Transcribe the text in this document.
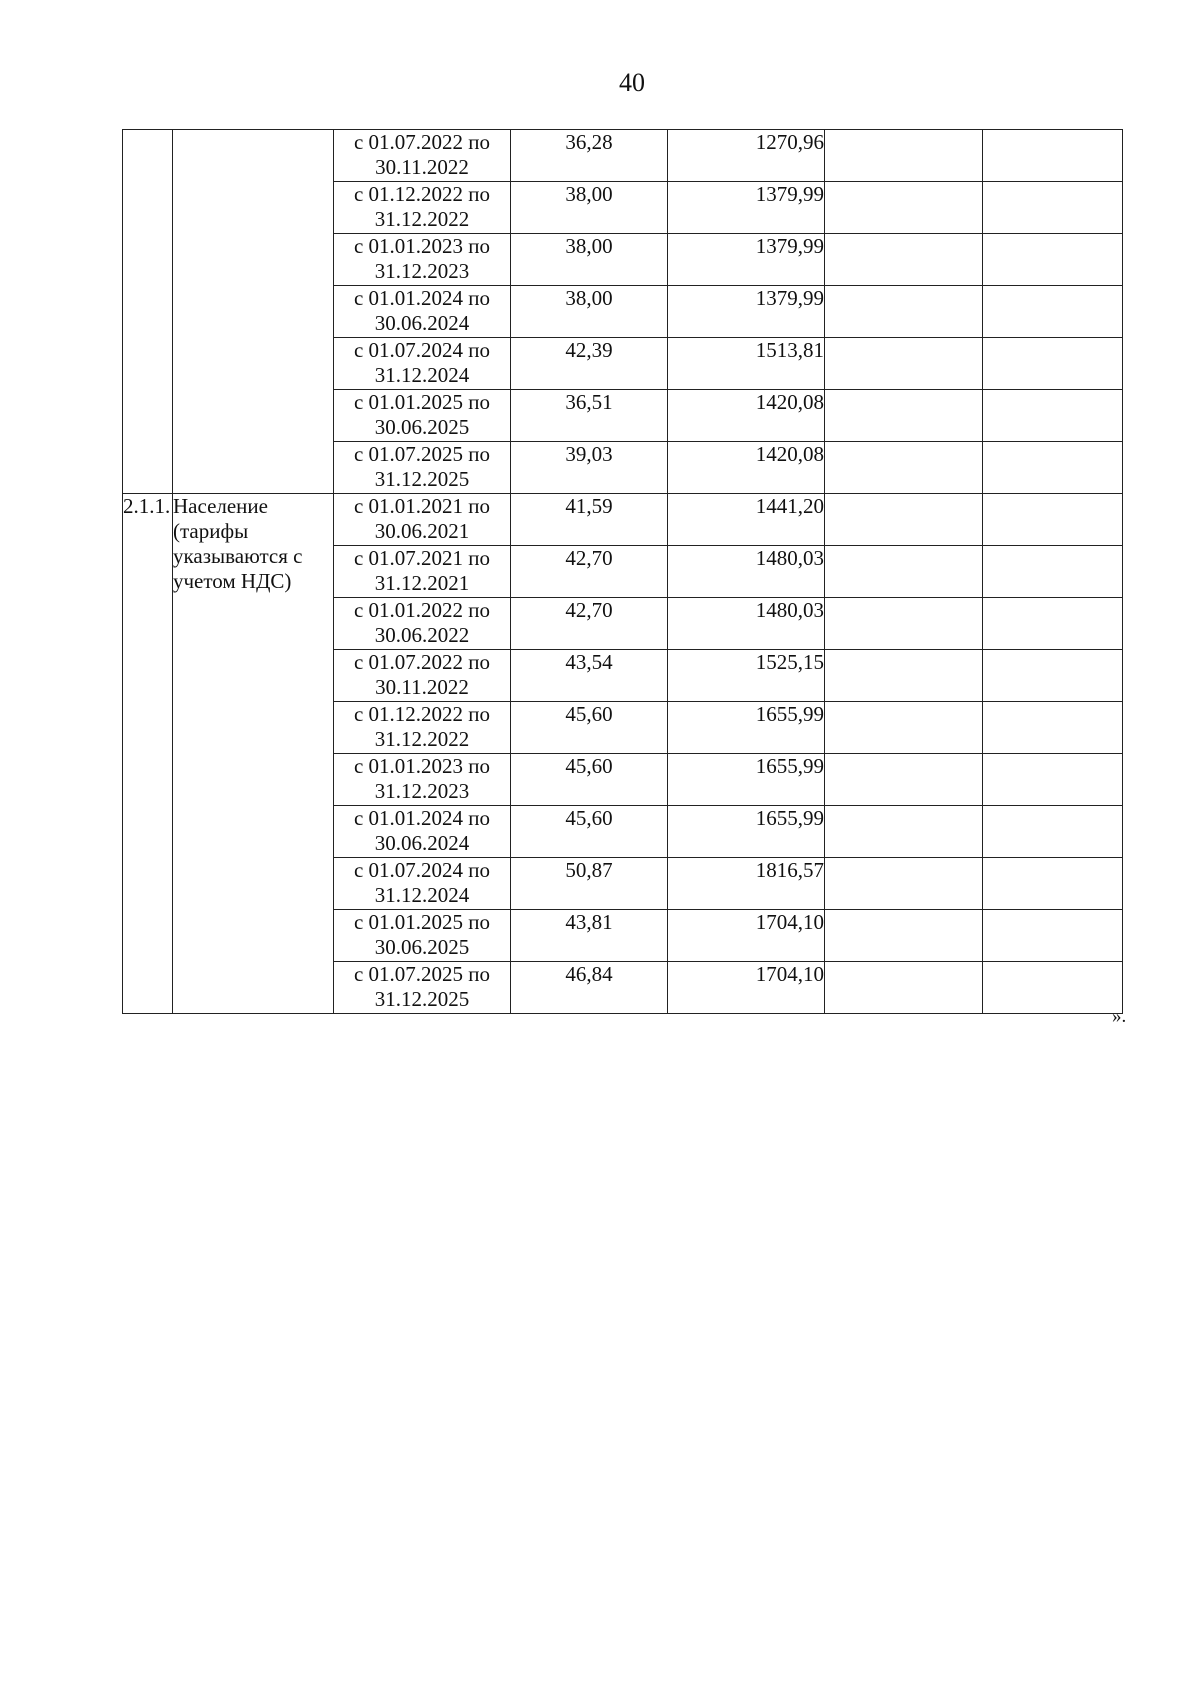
40
		с 01.07.2022 по 30.11.2022	36,28	1270,96		
		с 01.12.2022 по 31.12.2022	38,00	1379,99		
		с 01.01.2023 по 31.12.2023	38,00	1379,99		
		с 01.01.2024 по 30.06.2024	38,00	1379,99		
		с 01.07.2024 по 31.12.2024	42,39	1513,81		
		с 01.01.2025 по 30.06.2025	36,51	1420,08		
		с 01.07.2025 по 31.12.2025	39,03	1420,08		
2.1.1.	Население (тарифы указываются с учетом НДС)	с 01.01.2021 по 30.06.2021	41,59	1441,20		
		с 01.07.2021 по 31.12.2021	42,70	1480,03		
		с 01.01.2022 по 30.06.2022	42,70	1480,03		
		с 01.07.2022 по 30.11.2022	43,54	1525,15		
		с 01.12.2022 по 31.12.2022	45,60	1655,99		
		с 01.01.2023 по 31.12.2023	45,60	1655,99		
		с 01.01.2024 по 30.06.2024	45,60	1655,99		
		с 01.07.2024 по 31.12.2024	50,87	1816,57		
		с 01.01.2025 по 30.06.2025	43,81	1704,10		
		с 01.07.2025 по 31.12.2025	46,84	1704,10		
».
